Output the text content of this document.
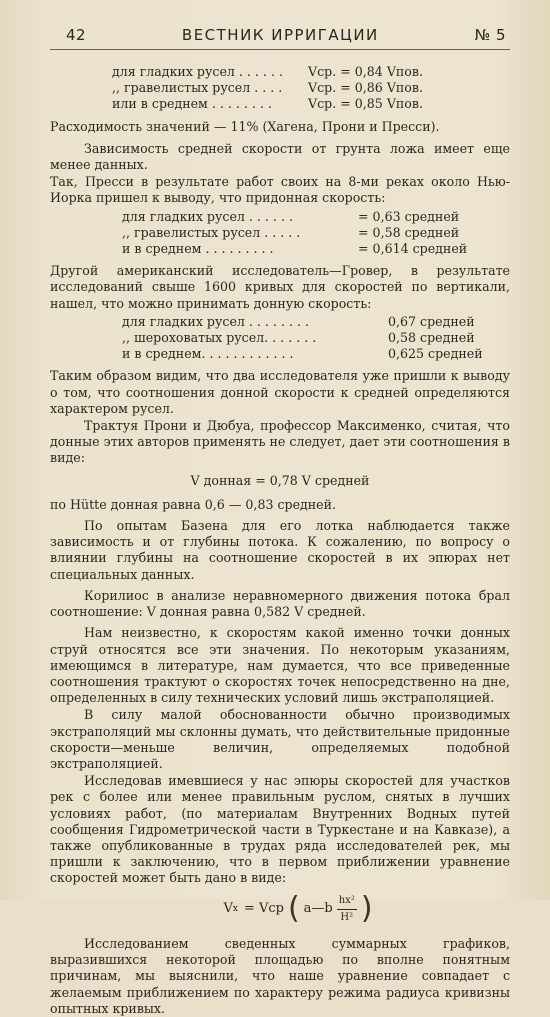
42	ВЕСТНИК ИРРИГАЦИИ	№ 5
для гладких русел . . . . . .	Vср. = 0,84 Vпов.
,, гравелистых русел . . . .	Vср. = 0,86 Vпов.
или в среднем . . . . . . . .	Vср. = 0,85 Vпов.

Расходимость значений — 11% (Хагена, Прони и Пресси).

Зависимость средней скорости от грунта ложа имеет еще менее данных.

Так, Пресси в результате работ своих на 8-ми реках около Нью-Иорка пришел к выводу, что придонная скорость:

для гладких русел . . . . . .	= 0,63 средней
,, гравелистых русел . . . . .	= 0,58 средней
и в среднем . . . . . . . . .	= 0,614 средней

Другой американский исследователь—Гровер, в результате исследований свыше 1600 кривых для скоростей по вертикали, нашел, что можно принимать донную скорость:

для гладких русел . . . . . . . .	0,67 средней
,, шероховатых русел. . . . . . .	0,58 средней
и в среднем. . . . . . . . . . . .	0,625 средней

Таким образом видим, что два исследователя уже пришли к выводу о том, что соотношения донной скорости к средней определяются характером русел.

Трактуя Прони и Дюбуа, профессор Максименко, считая, что донные этих авторов применять не следует, дает эти соотношения в виде:

V донная = 0,78 V средней

по Hütte донная равна 0,6 — 0,83 средней.

По опытам Базена для его лотка наблюдается также зависимость и от глубины потока. К сожалению, по вопросу о влиянии глубины на соотношение скоростей в их эпюрах нет специальных данных.

Корилиос в анализе неравномерного движения потока брал соотношение: V донная равна 0,582 V средней.

Нам неизвестно, к скоростям какой именно точки донных струй относятся все эти значения. По некоторым указаниям, имеющимся в литературе, нам думается, что все приведенные соотношения трактуют о скоростях точек непосредственно на дне, определенных в силу технических условий лишь экстраполяцией.

В силу малой обоснованности обычно производимых экстраполяций мы склонны думать, что действительные придонные скорости—меньше величин, определяемых подобной экстраполяцией.

Исследовав имевшиеся у нас эпюры скоростей для участков рек с более или менее правильным руслом, снятых в лучших условиях работ, (по материалам Внутренних Водных путей сообщения Гидрометрической части в Туркестане и на Кавказе), а также опубликованные в трудах ряда исследователей рек, мы пришли к заключению, что в первом приближении уравнение скоростей может быть дано в виде:

V x = Vср ( a—b $\frac{\text{hx²}}{\text{H²}}$ )

Исследованием сведенных суммарных графиков, выразившихся некоторой площадью по вполне понятным причинам, мы выяснили, что наше уравнение совпадает с желаемым приближением по характеру режима радиуса кривизны опытных кривых.
